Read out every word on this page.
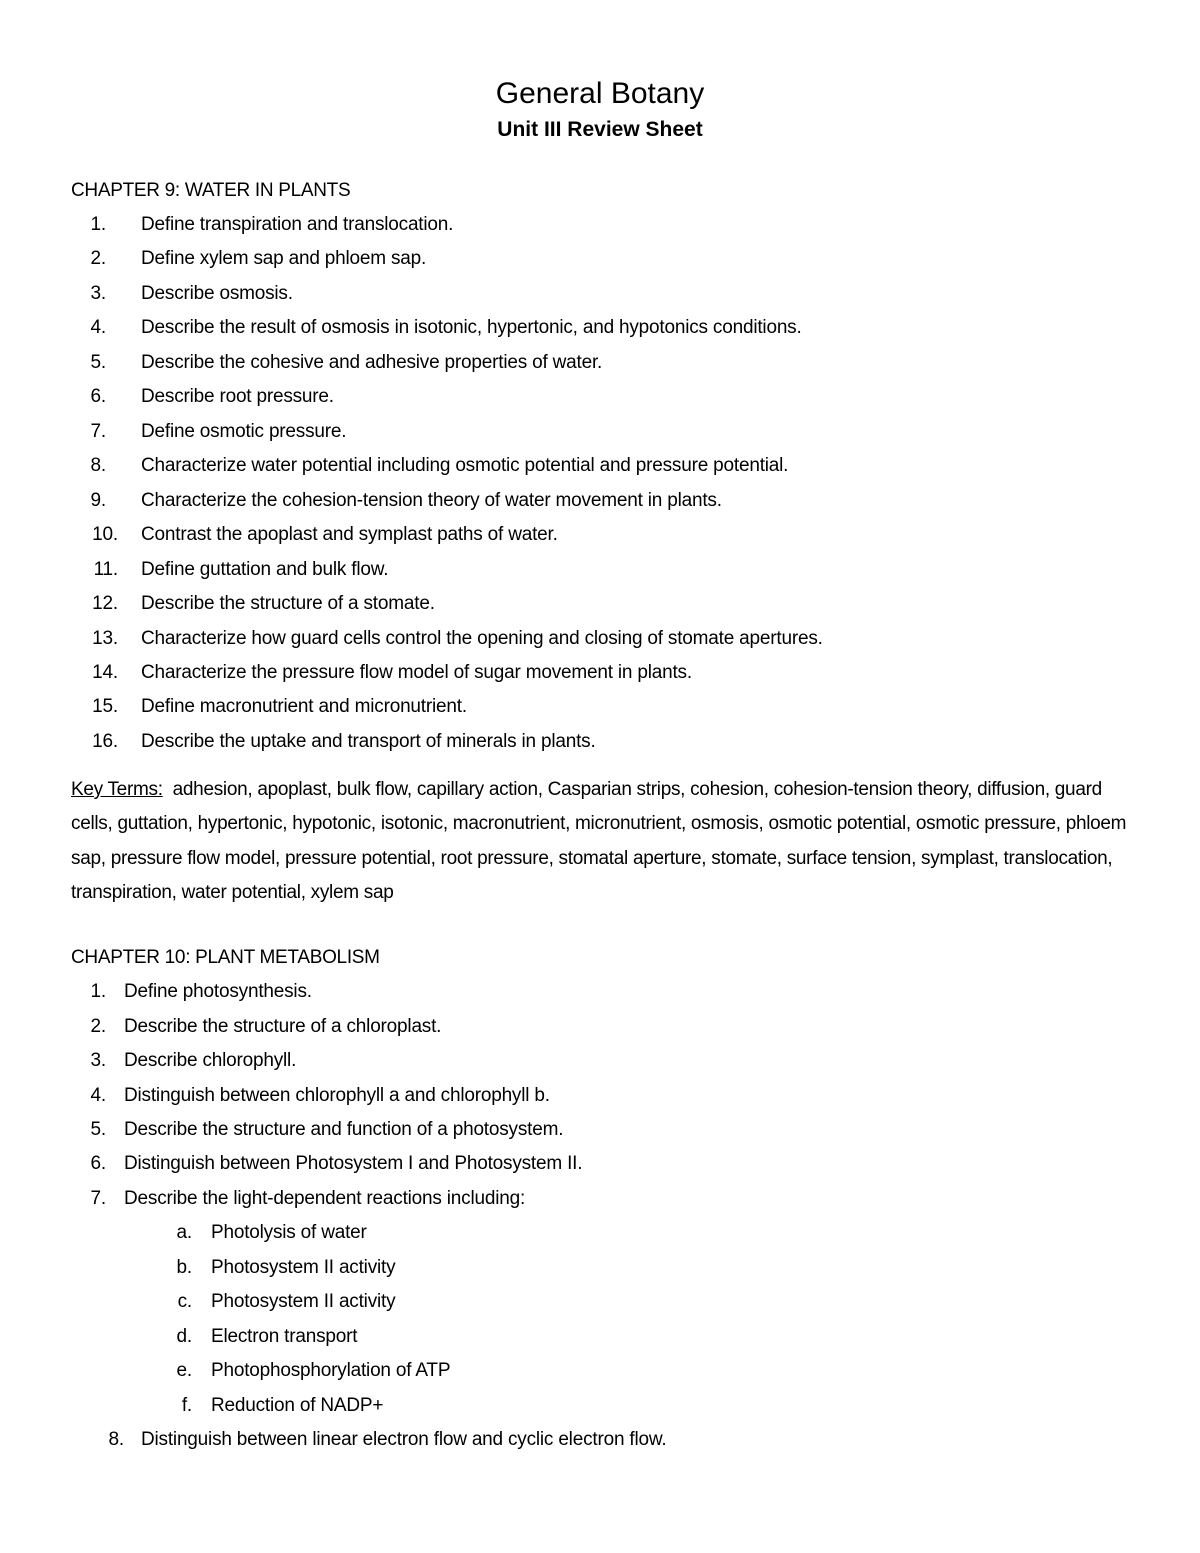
General Botany
Unit III Review Sheet
CHAPTER 9: WATER IN PLANTS
1. Define transpiration and translocation.
2. Define xylem sap and phloem sap.
3. Describe osmosis.
4. Describe the result of osmosis in isotonic, hypertonic, and hypotonics conditions.
5. Describe the cohesive and adhesive properties of water.
6. Describe root pressure.
7. Define osmotic pressure.
8. Characterize water potential including osmotic potential and pressure potential.
9. Characterize the cohesion-tension theory of water movement in plants.
10. Contrast the apoplast and symplast paths of water.
11. Define guttation and bulk flow.
12. Describe the structure of a stomate.
13. Characterize how guard cells control the opening and closing of stomate apertures.
14. Characterize the pressure flow model of sugar movement in plants.
15. Define macronutrient and micronutrient.
16. Describe the uptake and transport of minerals in plants.
Key Terms:  adhesion, apoplast, bulk flow, capillary action, Casparian strips, cohesion, cohesion-tension theory, diffusion, guard cells, guttation, hypertonic, hypotonic, isotonic, macronutrient, micronutrient, osmosis, osmotic potential, osmotic pressure, phloem sap, pressure flow model, pressure potential, root pressure, stomatal aperture, stomate, surface tension, symplast, translocation, transpiration, water potential, xylem sap
CHAPTER 10: PLANT METABOLISM
1. Define photosynthesis.
2. Describe the structure of a chloroplast.
3. Describe chlorophyll.
4. Distinguish between chlorophyll a and chlorophyll b.
5. Describe the structure and function of a photosystem.
6. Distinguish between Photosystem I and Photosystem II.
7. Describe the light-dependent reactions including:
a. Photolysis of water
b. Photosystem II activity
c. Photosystem II activity
d. Electron transport
e. Photophosphorylation of ATP
f. Reduction of NADP+
8. Distinguish between linear electron flow and cyclic electron flow.
